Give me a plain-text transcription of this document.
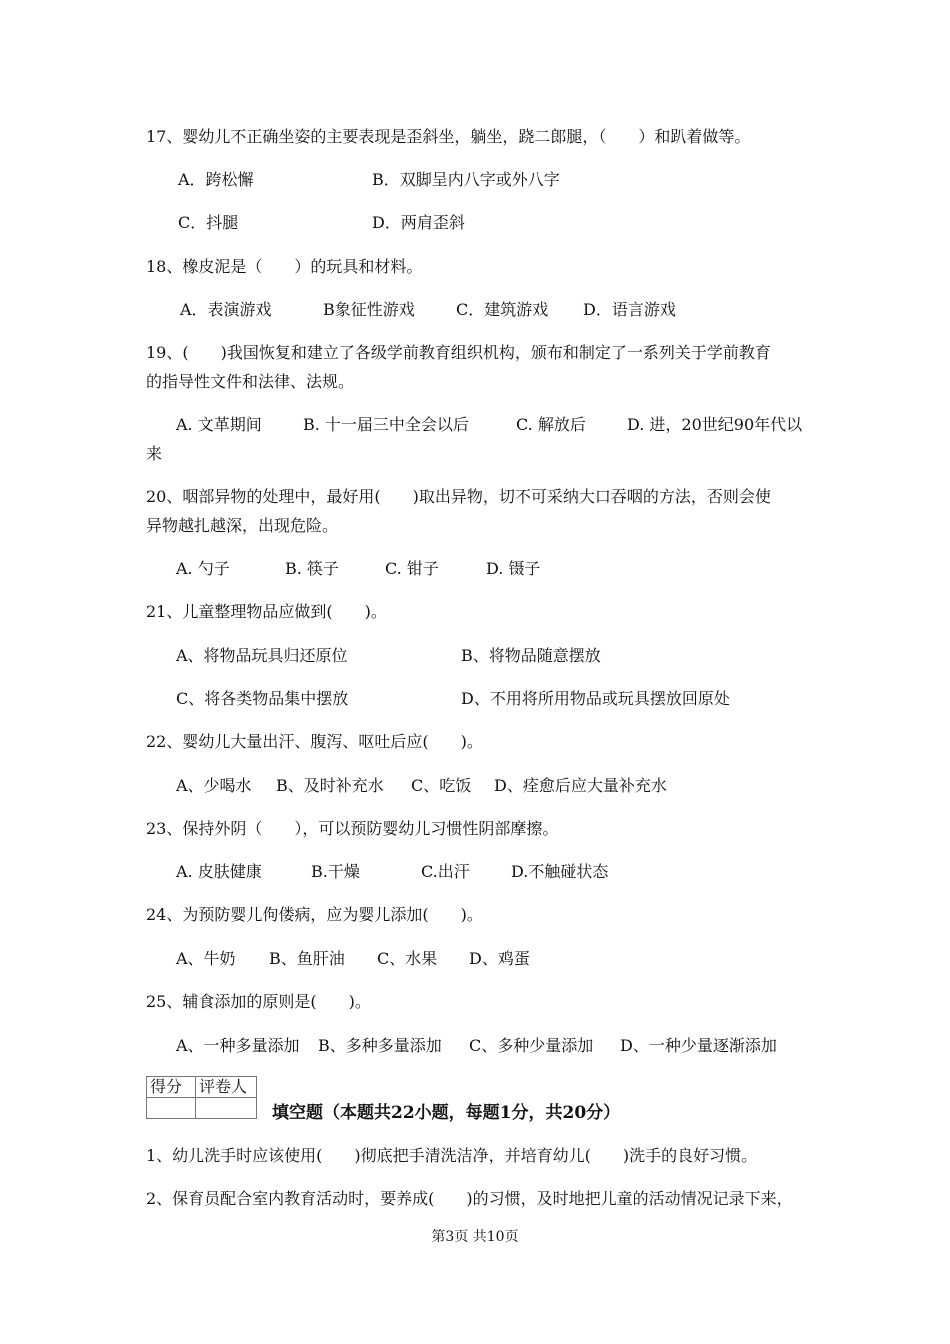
17、婴幼儿不正确坐姿的主要表现是歪斜坐，躺坐，跷二郎腿，（　　）和趴着做等。
A．跨松懈	B．双脚呈内八字或外八字
C．抖腿	D．两肩歪斜
18、橡皮泥是（　　）的玩具和材料。
A．表演游戏	B象征性游戏	C．建筑游戏 D．语言游戏
19、(　　)我国恢复和建立了各级学前教育组织机构，颁布和制定了一系列关于学前教育
的指导性文件和法律、法规。
A. 文革期间	B. 十一届三中全会以后	C. 解放后	D. 进，20世纪90年代以
来
20、咽部异物的处理中，最好用(　　)取出异物，切不可采纳大口吞咽的方法，否则会使
异物越扎越深，出现危险。
A. 勺子	B. 筷子	C. 钳子	D. 镊子
21、儿童整理物品应做到(　　)。
A、将物品玩具归还原位	B、将物品随意摆放
C、将各类物品集中摆放	D、不用将所用物品或玩具摆放回原处
22、婴幼儿大量出汗、腹泻、呕吐后应(　　)。
A、少喝水 B、及时补充水 C、吃饭 D、痊愈后应大量补充水
23、保持外阴（　　），可以预防婴幼儿习惯性阴部摩擦。
A. 皮肤健康	B.干燥	C.出汗	D.不触碰状态
24、为预防婴儿佝偻病，应为婴儿添加(　　)。
A、牛奶 B、鱼肝油 C、水果 D、鸡蛋
25、辅食添加的原则是(　　)。
A、一种多量添加 B、多种多量添加 C、多种少量添加 D、一种少量逐渐添加
得分	评卷人

填空题（本题共22小题，每题1分，共20分）
1、幼儿洗手时应该使用(　　)彻底把手清洗洁净，并培育幼儿(　　)洗手的良好习惯。
2、保育员配合室内教育活动时，要养成(　　)的习惯，及时地把儿童的活动情况记录下来，
第3页 共10页
